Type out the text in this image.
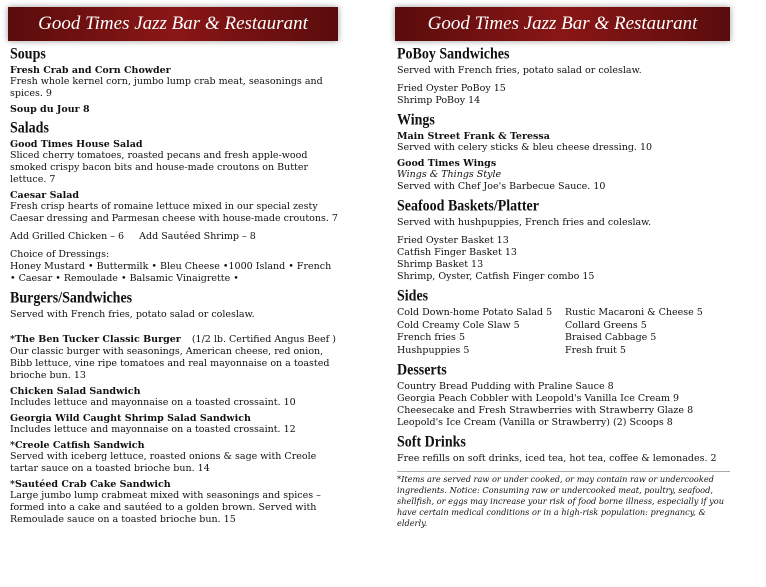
Good Times Jazz Bar & Restaurant
Soups
Fresh Crab and Corn Chowder
Fresh whole kernel corn, jumbo lump crab meat, seasonings and spices. 9
Soup du Jour 8
Salads
Good Times House Salad
Sliced cherry tomatoes, roasted pecans and fresh apple-wood smoked crispy bacon bits and house-made croutons on Butter lettuce. 7
Caesar Salad
Fresh crisp hearts of romaine lettuce mixed in our special zesty Caesar dressing and Parmesan cheese with house-made croutons. 7
Add Grilled Chicken – 6     Add Sautéed Shrimp – 8
Choice of Dressings:
Honey Mustard • Buttermilk • Bleu Cheese •1000 Island • French • Caesar • Remoulade • Balsamic Vinaigrette •
Burgers/Sandwiches
Served with French fries, potato salad or coleslaw.
*The Ben Tucker Classic Burger   (1/2 lb. Certified Angus Beef )
Our classic burger with seasonings, American cheese, red onion, Bibb lettuce, vine ripe tomatoes and real mayonnaise on a toasted brioche bun. 13
Chicken Salad Sandwich
Includes lettuce and mayonnaise on a toasted crossaint. 10
Georgia Wild Caught Shrimp Salad Sandwich
Includes lettuce and mayonnaise on a toasted crossaint. 12
*Creole Catfish Sandwich
Served with iceberg lettuce, roasted onions & sage with Creole tartar sauce on a toasted brioche bun. 14
*Sautéed Crab Cake Sandwich
Large jumbo lump crabmeat mixed with seasonings and spices – formed into a cake and sautéed to a golden brown. Served with Remoulade sauce on a toasted brioche bun. 15
Good Times Jazz Bar & Restaurant
PoBoy Sandwiches
Served with French fries, potato salad or coleslaw.
Fried Oyster PoBoy 15
Shrimp PoBoy 14
Wings
Main Street Frank & Teressa
Served with celery sticks & bleu cheese dressing. 10
Good Times Wings
Wings & Things Style
Served with Chef Joe's Barbecue Sauce. 10
Seafood Baskets/Platter
Served with hushpuppies, French fries and coleslaw.
Fried Oyster Basket 13
Catfish Finger Basket 13
Shrimp Basket 13
Shrimp, Oyster, Catfish Finger combo 15
Sides
Cold Down-home Potato Salad 5
Cold Creamy Cole Slaw 5
French fries 5
Hushpuppies 5
Rustic Macaroni & Cheese 5
Collard Greens 5
Braised Cabbage 5
Fresh fruit 5
Desserts
Country Bread Pudding with Praline Sauce 8
Georgia Peach Cobbler with Leopold's Vanilla Ice Cream 9
Cheesecake and Fresh Strawberries with Strawberry Glaze 8
Leopold's Ice Cream (Vanilla or Strawberry) (2) Scoops 8
Soft Drinks
Free refills on soft drinks, iced tea, hot tea, coffee & lemonades. 2
*Items are served raw or under cooked, or may contain raw or undercooked ingredients. Notice: Consuming raw or undercooked meat, poultry, seafood, shellfish, or eggs may increase your risk of food borne illness, especially if you have certain medical conditions or in a high-risk population: pregnancy, & elderly.
